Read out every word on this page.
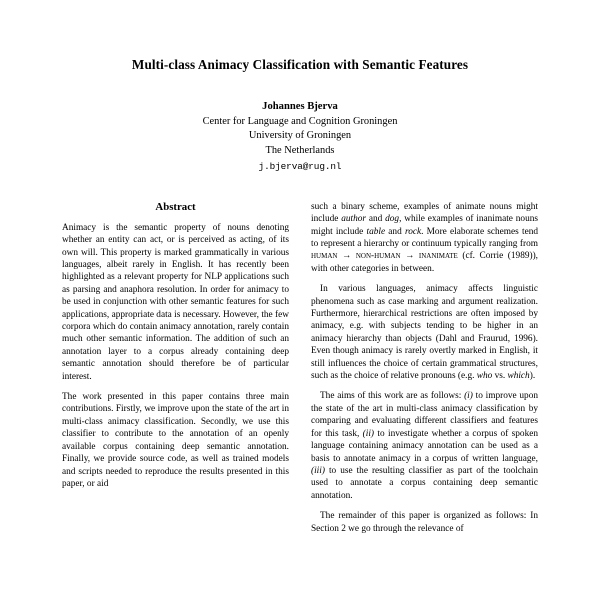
Multi-class Animacy Classification with Semantic Features
Johannes Bjerva
Center for Language and Cognition Groningen
University of Groningen
The Netherlands
j.bjerva@rug.nl
Abstract

Animacy is the semantic property of nouns denoting whether an entity can act, or is perceived as acting, of its own will. This property is marked grammatically in various languages, albeit rarely in English. It has recently been highlighted as a relevant property for NLP applications such as parsing and anaphora resolution. In order for animacy to be used in conjunction with other semantic features for such applications, appropriate data is necessary. However, the few corpora which do contain animacy annotation, rarely contain much other semantic information. The addition of such an annotation layer to a corpus already containing deep semantic annotation should therefore be of particular interest.

The work presented in this paper contains three main contributions. Firstly, we improve upon the state of the art in multi-class animacy classification. Secondly, we use this classifier to contribute to the annotation of an openly available corpus containing deep semantic annotation. Finally, we provide source code, as well as trained models and scripts needed to reproduce the results presented in this paper, or aid

such a binary scheme, examples of animate nouns might include author and dog, while examples of inanimate nouns might include table and rock. More elaborate schemes tend to represent a hierarchy or continuum typically ranging from human → non-human → inanimate (cf. Corrie (1989)), with other categories in between.

In various languages, animacy affects linguistic phenomena such as case marking and argument realization. Furthermore, hierarchical restrictions are often imposed by animacy, e.g. with subjects tending to be higher in an animacy hierarchy than objects (Dahl and Fraurud, 1996). Even though animacy is rarely overtly marked in English, it still influences the choice of certain grammatical structures, such as the choice of relative pronouns (e.g. who vs. which).

The aims of this work are as follows: (i) to improve upon the state of the art in multi-class animacy classification by comparing and evaluating different classifiers and features for this task, (ii) to investigate whether a corpus of spoken language containing animacy annotation can be used as a basis to annotate animacy in a corpus of written language, (iii) to use the resulting classifier as part of the toolchain used to annotate a corpus containing deep semantic annotation.

The remainder of this paper is organized as follows: In Section 2 we go through the relevance of
